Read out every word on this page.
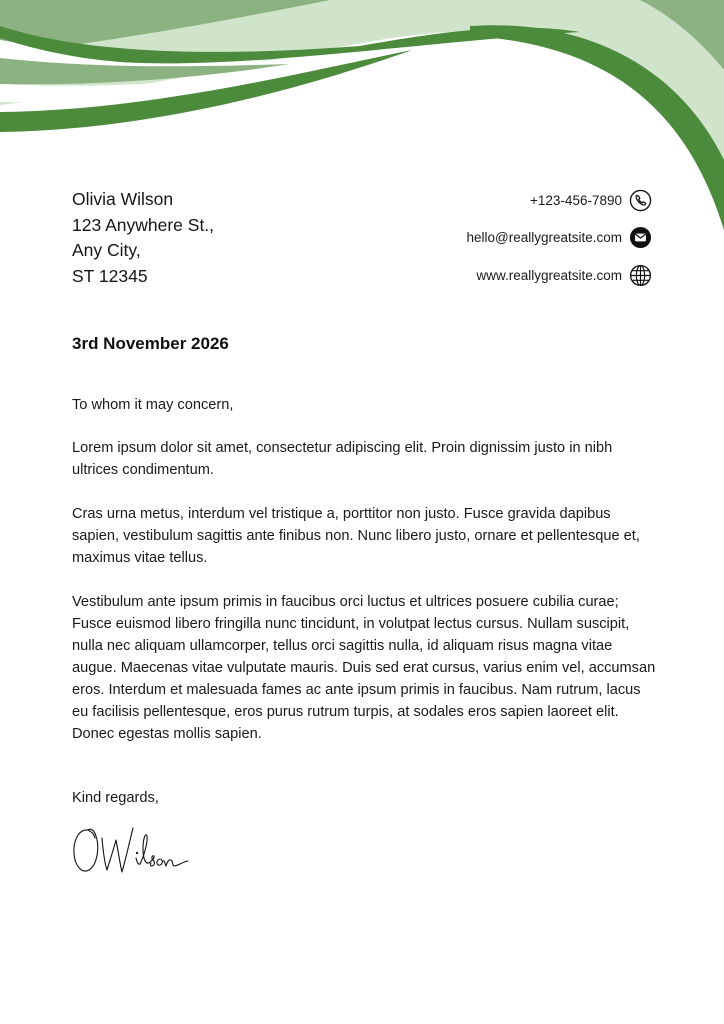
Olivia Wilson
123 Anywhere St.,
Any City,
ST 12345
+123-456-7890
hello@reallygreatsite.com
www.reallygreatsite.com
3rd November 2026
To whom it may concern,
Lorem ipsum dolor sit amet, consectetur adipiscing elit. Proin dignissim justo in nibh ultrices condimentum.
Cras urna metus, interdum vel tristique a, porttitor non justo. Fusce gravida dapibus sapien, vestibulum sagittis ante finibus non. Nunc libero justo, ornare et pellentesque et, maximus vitae tellus.
Vestibulum ante ipsum primis in faucibus orci luctus et ultrices posuere cubilia curae; Fusce euismod libero fringilla nunc tincidunt, in volutpat lectus cursus. Nullam suscipit, nulla nec aliquam ullamcorper, tellus orci sagittis nulla, id aliquam risus magna vitae augue. Maecenas vitae vulputate mauris. Duis sed erat cursus, varius enim vel, accumsan eros. Interdum et malesuada fames ac ante ipsum primis in faucibus. Nam rutrum, lacus eu facilisis pellentesque, eros purus rutrum turpis, at sodales eros sapien laoreet elit. Donec egestas mollis sapien.
Kind regards,
